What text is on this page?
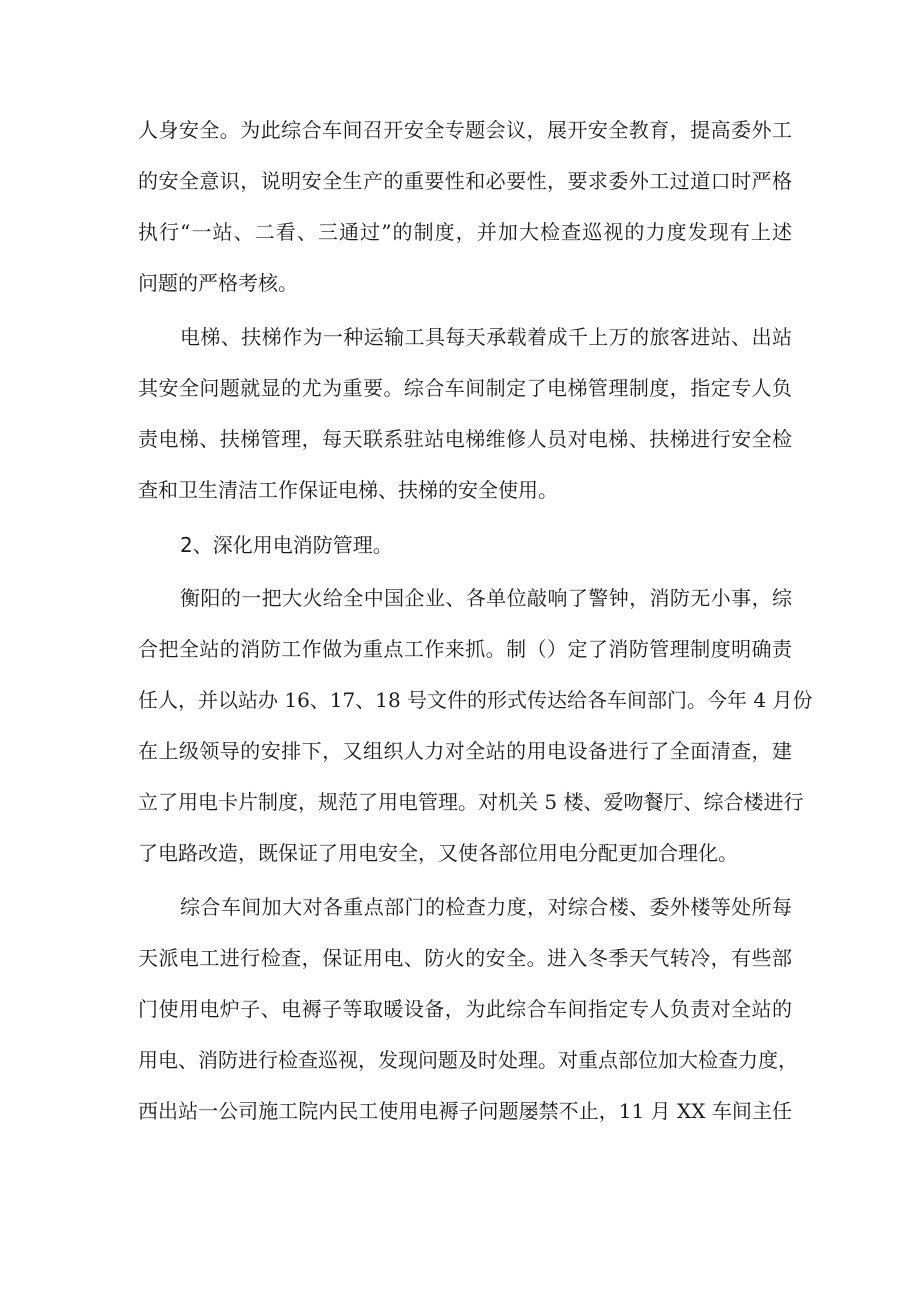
人身安全。为此综合车间召开安全专题会议，展开安全教育，提高委外工
的安全意识，说明安全生产的重要性和必要性，要求委外工过道口时严格
执行“一站、二看、三通过”的制度，并加大检查巡视的力度发现有上述
问题的严格考核。
电梯、扶梯作为一种运输工具每天承载着成千上万的旅客进站、出站
其安全问题就显的尤为重要。综合车间制定了电梯管理制度，指定专人负
责电梯、扶梯管理，每天联系驻站电梯维修人员对电梯、扶梯进行安全检
查和卫生清洁工作保证电梯、扶梯的安全使用。
2、深化用电消防管理。
衡阳的一把大火给全中国企业、各单位敲响了警钟，消防无小事，综
合把全站的消防工作做为重点工作来抓。制（）定了消防管理制度明确责
任人，并以站办 16、17、18 号文件的形式传达给各车间部门。今年 4 月份
在上级领导的安排下，又组织人力对全站的用电设备进行了全面清查，建
立了用电卡片制度，规范了用电管理。对机关 5 楼、爱吻餐厅、综合楼进行
了电路改造，既保证了用电安全，又使各部位用电分配更加合理化。
综合车间加大对各重点部门的检查力度，对综合楼、委外楼等处所每
天派电工进行检查，保证用电、防火的安全。进入冬季天气转冷，有些部
门使用电炉子、电褥子等取暖设备，为此综合车间指定专人负责对全站的
用电、消防进行检查巡视，发现问题及时处理。对重点部位加大检查力度，
西出站一公司施工院内民工使用电褥子问题屡禁不止，11 月 XX 车间主任
